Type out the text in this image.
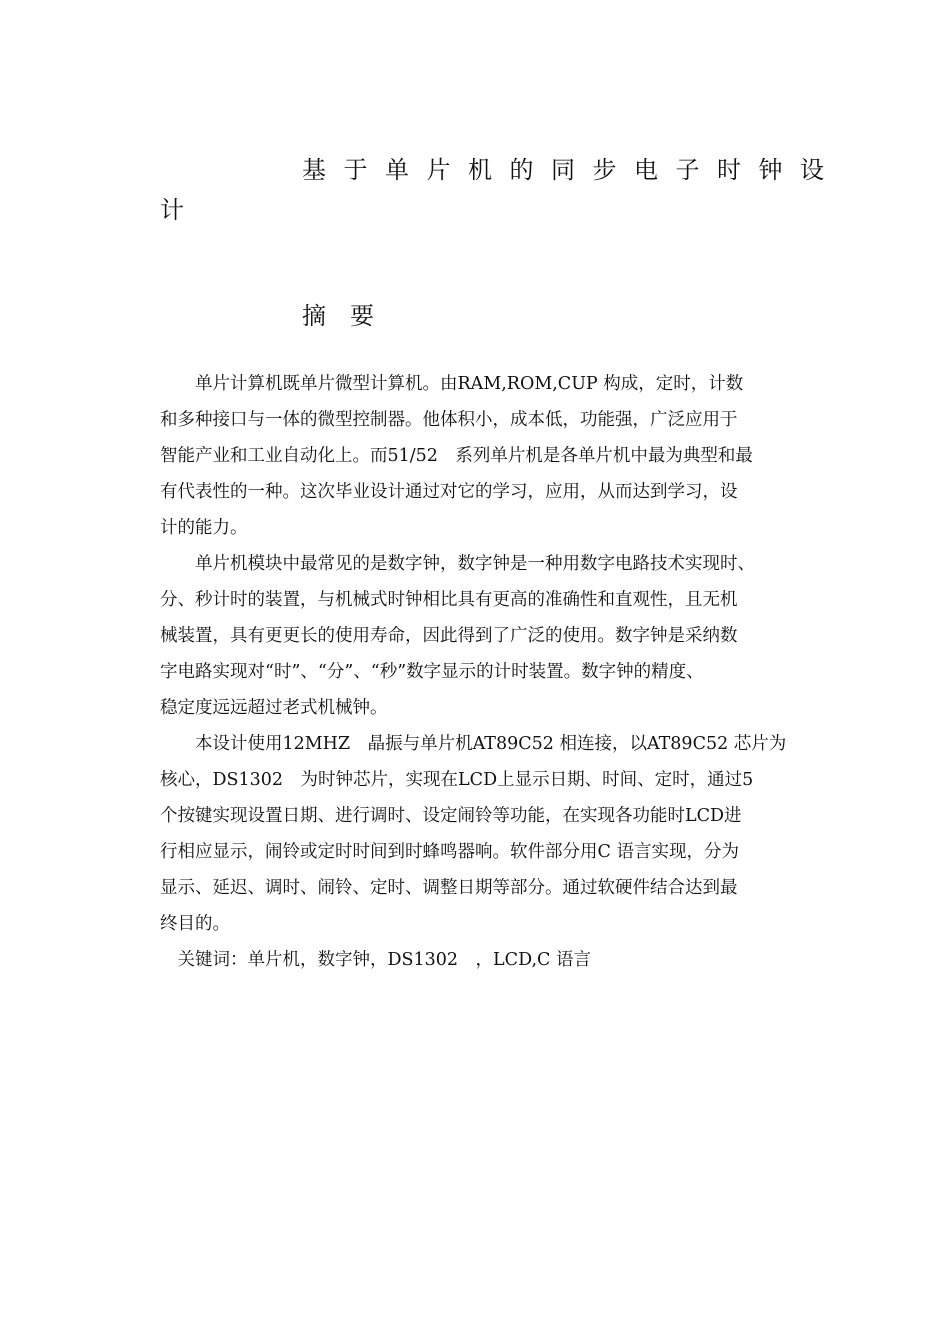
基于单片机的同步电子时钟设
计
摘要
　　单片计算机既单片微型计算机。由RAM,ROM,CUP 构成，定时，计数
和多种接口与一体的微型控制器。他体积小，成本低，功能强，广泛应用于
智能产业和工业自动化上。而51/52　系列单片机是各单片机中最为典型和最
有代表性的一种。这次毕业设计通过对它的学习，应用，从而达到学习，设
计的能力。
　　单片机模块中最常见的是数字钟，数字钟是一种用数字电路技术实现时、
分、秒计时的装置，与机械式时钟相比具有更高的准确性和直观性，且无机
械装置，具有更更长的使用寿命，因此得到了广泛的使用。数字钟是采纳数
字电路实现对“时”、“分”、“秒”数字显示的计时装置。数字钟的精度、
稳定度远远超过老式机械钟。
　　本设计使用12MHZ　晶振与单片机AT89C52 相连接，以AT89C52 芯片为
核心，DS1302　为时钟芯片，实现在LCD上显示日期、时间、定时，通过5
个按键实现设置日期、进行调时、设定闹铃等功能，在实现各功能时LCD进
行相应显示，闹铃或定时时间到时蜂鸣器响。软件部分用C 语言实现，分为
显示、延迟、调时、闹铃、定时、调整日期等部分。通过软硬件结合达到最
终目的。
　关键词：单片机，数字钟，DS1302　，LCD,C 语言
